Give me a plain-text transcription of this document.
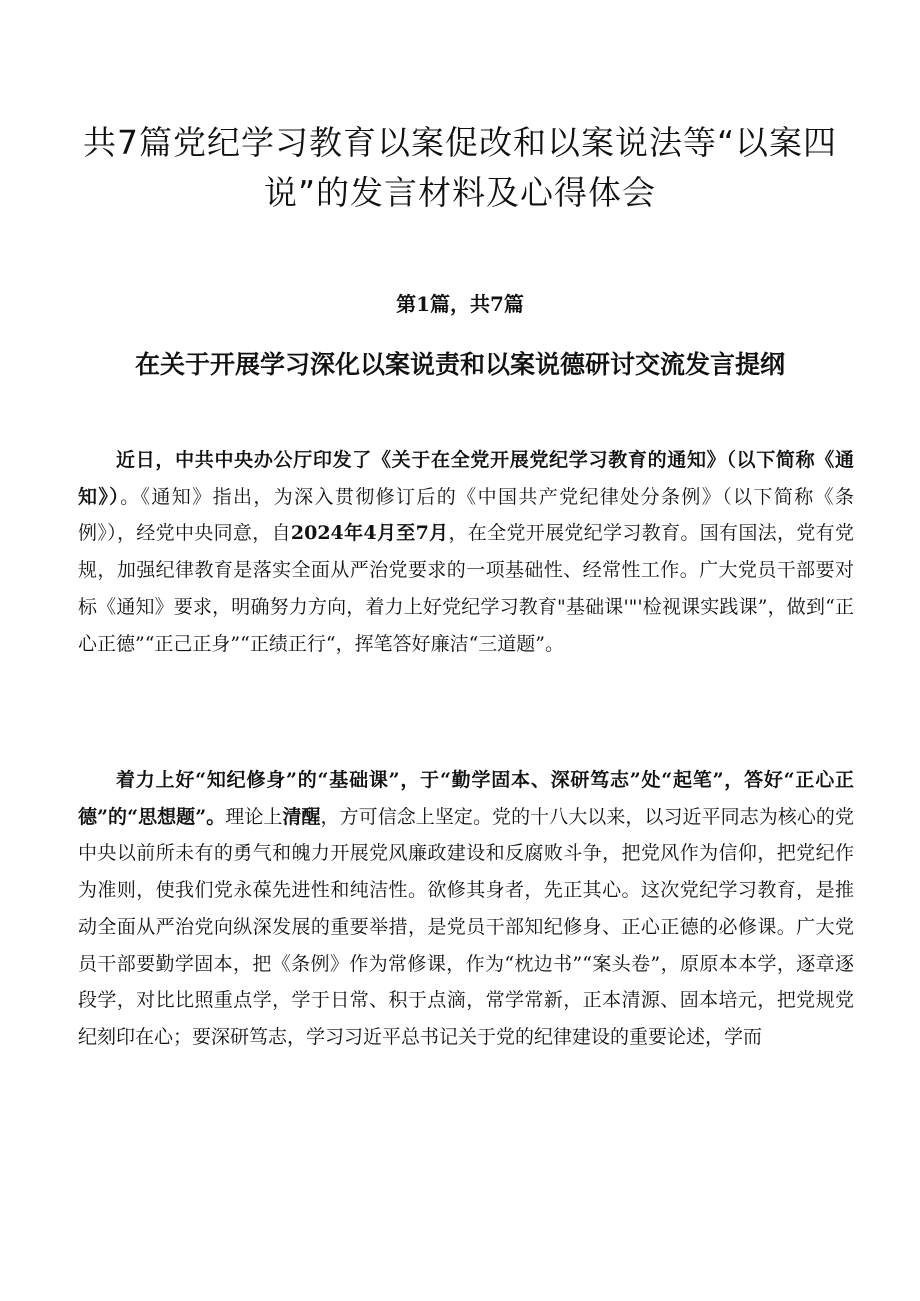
共7篇党纪学习教育以案促改和以案说法等“以案四说”的发言材料及心得体会
第1篇，共7篇
在关于开展学习深化以案说责和以案说德研讨交流发言提纲

近日，中共中央办公厅印发了《关于在全党开展党纪学习教育的通知》（以下简称《通知》）。《通知》指出，为深入贯彻修订后的《中国共产党纪律处分条例》（以下简称《条例》），经党中央同意，自2024年4月至7月，在全党开展党纪学习教育。国有国法，党有党规，加强纪律教育是落实全面从严治党要求的一项基础性、经常性工作。广大党员干部要对标《通知》要求，明确努力方向，着力上好党纪学习教育"基础课'"'检视课实践课”，做到“正心正德”“正己正身”“正绩正行“，挥笔答好廉洁“三道题”。

着力上好“知纪修身”的“基础课”，于“勤学固本、深研笃志”处“起笔”，答好“正心正德”的“思想题”。理论上清醒，方可信念上坚定。党的十八大以来，以习近平同志为核心的党中央以前所未有的勇气和魄力开展党风廉政建设和反腐败斗争，把党风作为信仰，把党纪作为准则，使我们党永葆先进性和纯洁性。欲修其身者，先正其心。这次党纪学习教育，是推动全面从严治党向纵深发展的重要举措，是党员干部知纪修身、正心正德的必修课。广大党员干部要勤学固本，把《条例》作为常修课，作为“枕边书”“案头卷”，原原本本学，逐章逐段学，对比比照重点学，学于日常、积于点滴，常学常新，正本清源、固本培元，把党规党纪刻印在心；要深研笃志，学习习近平总书记关于党的纪律建设的重要论述，学而
